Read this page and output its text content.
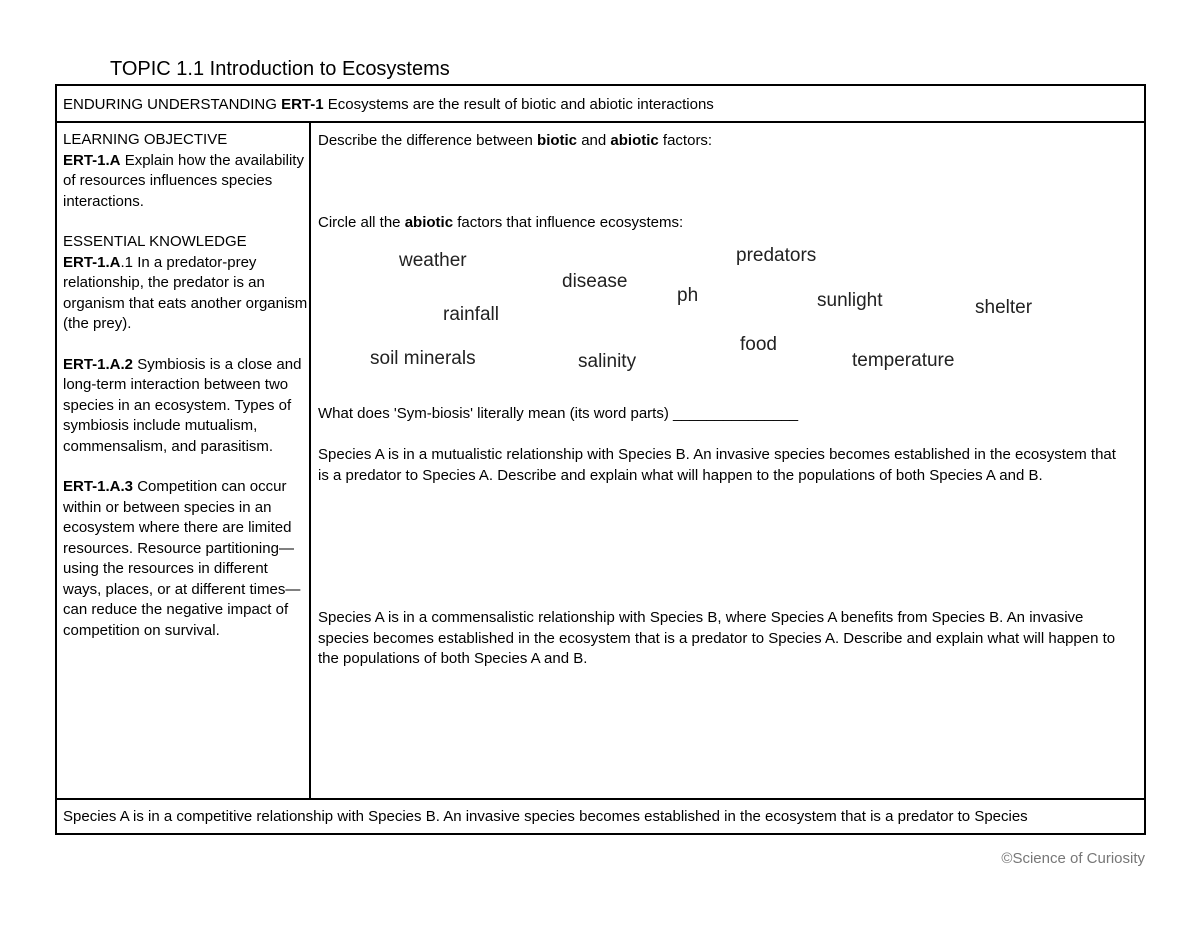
TOPIC 1.1 Introduction to Ecosystems
ENDURING UNDERSTANDING ERT-1 Ecosystems are the result of biotic and abiotic interactions

LEARNING OBJECTIVE
ERT-1.A Explain how the availability of resources influences species interactions.

ESSENTIAL KNOWLEDGE
ERT-1.A.1 In a predator-prey relationship, the predator is an organism that eats another organism (the prey).

ERT-1.A.2 Symbiosis is a close and long-term interaction between two species in an ecosystem. Types of symbiosis include mutualism, commensalism, and parasitism.

ERT-1.A.3 Competition can occur within or between species in an ecosystem where there are limited resources. Resource partitioning— using the resources in different ways, places, or at different times—can reduce the negative impact of competition on survival.

Describe the difference between biotic and abiotic factors:

Circle all the abiotic factors that influence ecosystems:

weather	predators
disease
ph	sunlight	shelter
rainfall
food
soil minerals	salinity	temperature

What does 'Sym-biosis' literally mean (its word parts) _______________

Species A is in a mutualistic relationship with Species B. An invasive species becomes established in the ecosystem that is a predator to Species A. Describe and explain what will happen to the populations of both Species A and B.

Species A is in a commensalistic relationship with Species B, where Species A benefits from Species B. An invasive species becomes established in the ecosystem that is a predator to Species A. Describe and explain what will happen to the populations of both Species A and B.

Species A is in a competitive relationship with Species B. An invasive species becomes established in the ecosystem that is a predator to Species
©Science of Curiosity
